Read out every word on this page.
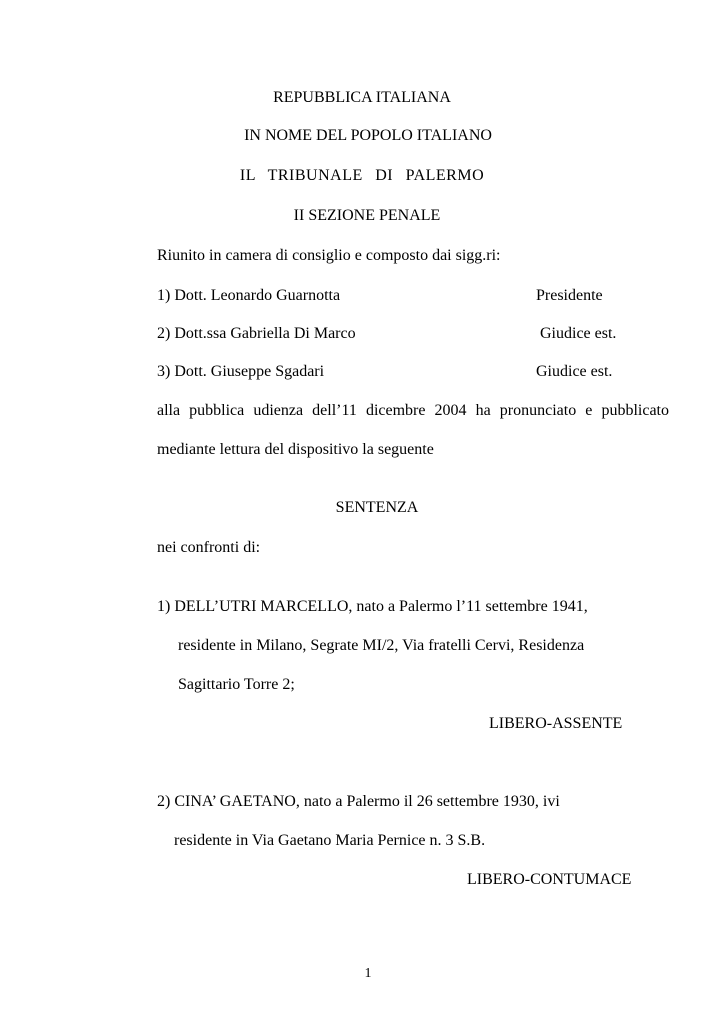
REPUBBLICA ITALIANA
IN NOME DEL POPOLO ITALIANO
IL TRIBUNALE DI PALERMO
II SEZIONE PENALE
Riunito in camera di consiglio e composto dai sigg.ri:
1) Dott. Leonardo Guarnotta	Presidente
2) Dott.ssa Gabriella Di Marco	Giudice est.
3) Dott. Giuseppe Sgadari	Giudice est.
alla pubblica udienza dell’11 dicembre 2004 ha pronunciato e pubblicato
mediante lettura del dispositivo la seguente
SENTENZA
nei confronti di:
1) DELL’UTRI MARCELLO, nato a Palermo l’11 settembre 1941,
residente in Milano, Segrate MI/2, Via fratelli Cervi, Residenza
Sagittario Torre 2;
LIBERO-ASSENTE
2) CINA’ GAETANO, nato a Palermo il 26 settembre 1930, ivi
residente in Via Gaetano Maria Pernice n. 3 S.B.
LIBERO-CONTUMACE
1
